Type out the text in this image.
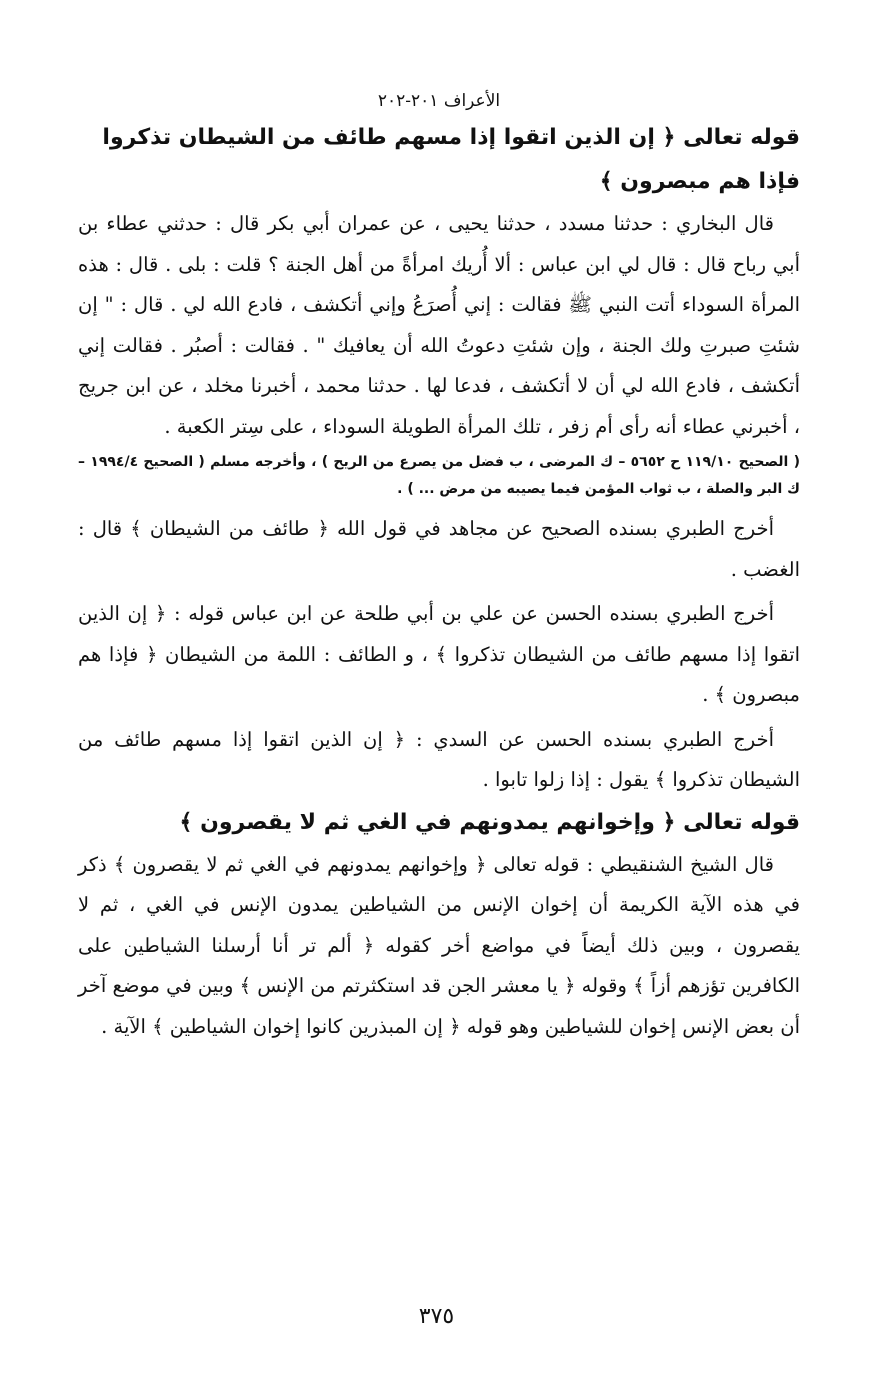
الأعراف ٢٠١-٢٠٢

قوله تعالى ﴿ إن الذين اتقوا إذا مسهم طائف من الشيطان تذكروا فإذا هم مبصرون ﴾

قال البخاري : حدثنا مسدد ، حدثنا يحيى ، عن عمران أبي بكر قال : حدثني عطاء بن أبي رباح قال : قال لي ابن عباس : ألا أُريك امرأةً من أهل الجنة ؟ قلت : بلى . قال : هذه المرأة السوداء أتت النبي ﷺ فقالت : إني أُصرَعُ وإني أتكشف ، فادع الله لي . قال : " إن شئتِ صبرتِ ولك الجنة ، وإن شئتِ دعوتُ الله أن يعافيك " . فقالت : أصبُر . فقالت إني أتكشف ، فادع الله لي أن لا أتكشف ، فدعا لها . حدثنا محمد ، أخبرنا مخلد ، عن ابن جريج ، أخبرني عطاء أنه رأى أم زفر ، تلك المرأة الطويلة السوداء ، على سِتر الكعبة .

( الصحيح ١١٩/١٠ ح ٥٦٥٢ – ك المرضى ، ب فضل من يصرع من الريح ) ، وأخرجه مسلم ( الصحيح ١٩٩٤/٤ – ك البر والصلة ، ب ثواب المؤمن فيما يصيبه من مرض ... ) .

أخرج الطبري بسنده الصحيح عن مجاهد في قول الله ﴿ طائف من الشيطان ﴾ قال : الغضب .

أخرج الطبري بسنده الحسن عن علي بن أبي طلحة عن ابن عباس قوله : ﴿ إن الذين اتقوا إذا مسهم طائف من الشيطان تذكروا ﴾ ، و الطائف : اللمة من الشيطان ﴿ فإذا هم مبصرون ﴾ .

أخرج الطبري بسنده الحسن عن السدي : ﴿ إن الذين اتقوا إذا مسهم طائف من الشيطان تذكروا ﴾ يقول : إذا زلوا تابوا .

قوله تعالى ﴿ وإخوانهم يمدونهم في الغي ثم لا يقصرون ﴾

قال الشيخ الشنقيطي : قوله تعالى ﴿ وإخوانهم يمدونهم في الغي ثم لا يقصرون ﴾ ذكر في هذه الآية الكريمة أن إخوان الإنس من الشياطين يمدون الإنس في الغي ، ثم لا يقصرون ، وبين ذلك أيضاً في مواضع أخر كقوله ﴿ ألم تر أنا أرسلنا الشياطين على الكافرين تؤزهم أزاً ﴾ وقوله ﴿ يا معشر الجن قد استكثرتم من الإنس ﴾ وبين في موضع آخر أن بعض الإنس إخوان للشياطين وهو قوله ﴿ إن المبذرين كانوا إخوان الشياطين ﴾ الآية .

٣٧٥
